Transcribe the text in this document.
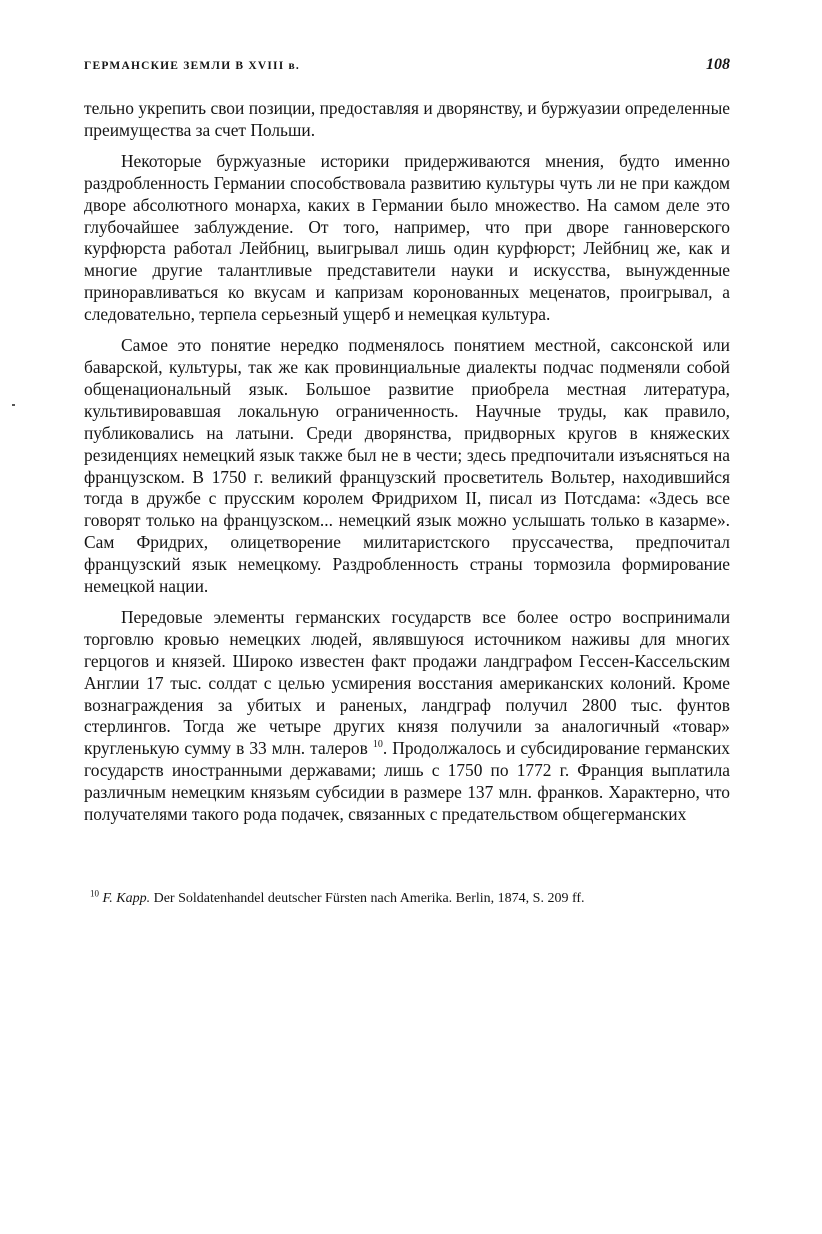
ГЕРМАНСКИЕ ЗЕМЛИ В XVIII в.	108

тельно укрепить свои позиции, предоставляя и дворянству, и буржуазии определенные преимущества за счет Польши.

Некоторые буржуазные историки придерживаются мнения, будто именно раздробленность Германии способствовала развитию культуры чуть ли не при каждом дворе абсолютного монарха, каких в Германии было множество. На самом деле это глубочайшее заблуждение. От того, например, что при дворе ганноверского курфюрста работал Лейбниц, выигрывал лишь один курфюрст; Лейбниц же, как и многие другие талантливые представители науки и искусства, вынужденные приноравливаться ко вкусам и капризам коронованных меценатов, проигрывал, а следовательно, терпела серьезный ущерб и немецкая культура.

Самое это понятие нередко подменялось понятием местной, саксонской или баварской, культуры, так же как провинциальные диалекты подчас подменяли собой общенациональный язык. Большое развитие приобрела местная литература, культивировавшая локальную ограниченность. Научные труды, как правило, публиковались на латыни. Среди дворянства, придворных кругов в княжеских резиденциях немецкий язык также был не в чести; здесь предпочитали изъясняться на французском. В 1750 г. великий французский просветитель Вольтер, находившийся тогда в дружбе с прусским королем Фридрихом II, писал из Потсдама: «Здесь все говорят только на французском... немецкий язык можно услышать только в казарме». Сам Фридрих, олицетворение милитаристского пруссачества, предпочитал французский язык немецкому. Раздробленность страны тормозила формирование немецкой нации.

Передовые элементы германских государств все более остро воспринимали торговлю кровью немецких людей, являвшуюся источником наживы для многих герцогов и князей. Широко известен факт продажи ландграфом Гессен-Кассельским Англии 17 тыс. солдат с целью усмирения восстания американских колоний. Кроме вознаграждения за убитых и раненых, ландграф получил 2800 тыс. фунтов стерлингов. Тогда же четыре других князя получили за аналогичный «товар» кругленькую сумму в 33 млн. талеров $^{10}$. Продолжалось и субсидирование германских государств иностранными державами; лишь с 1750 по 1772 г. Франция выплатила различным немецким князьям субсидии в размере 137 млн. франков. Характерно, что получателями такого рода подачек, связанных с предательством общегерманских

$^{10}$ F. Kapp. Der Soldatenhandel deutscher Fürsten nach Amerika. Berlin, 1874, S. 209 ff.
